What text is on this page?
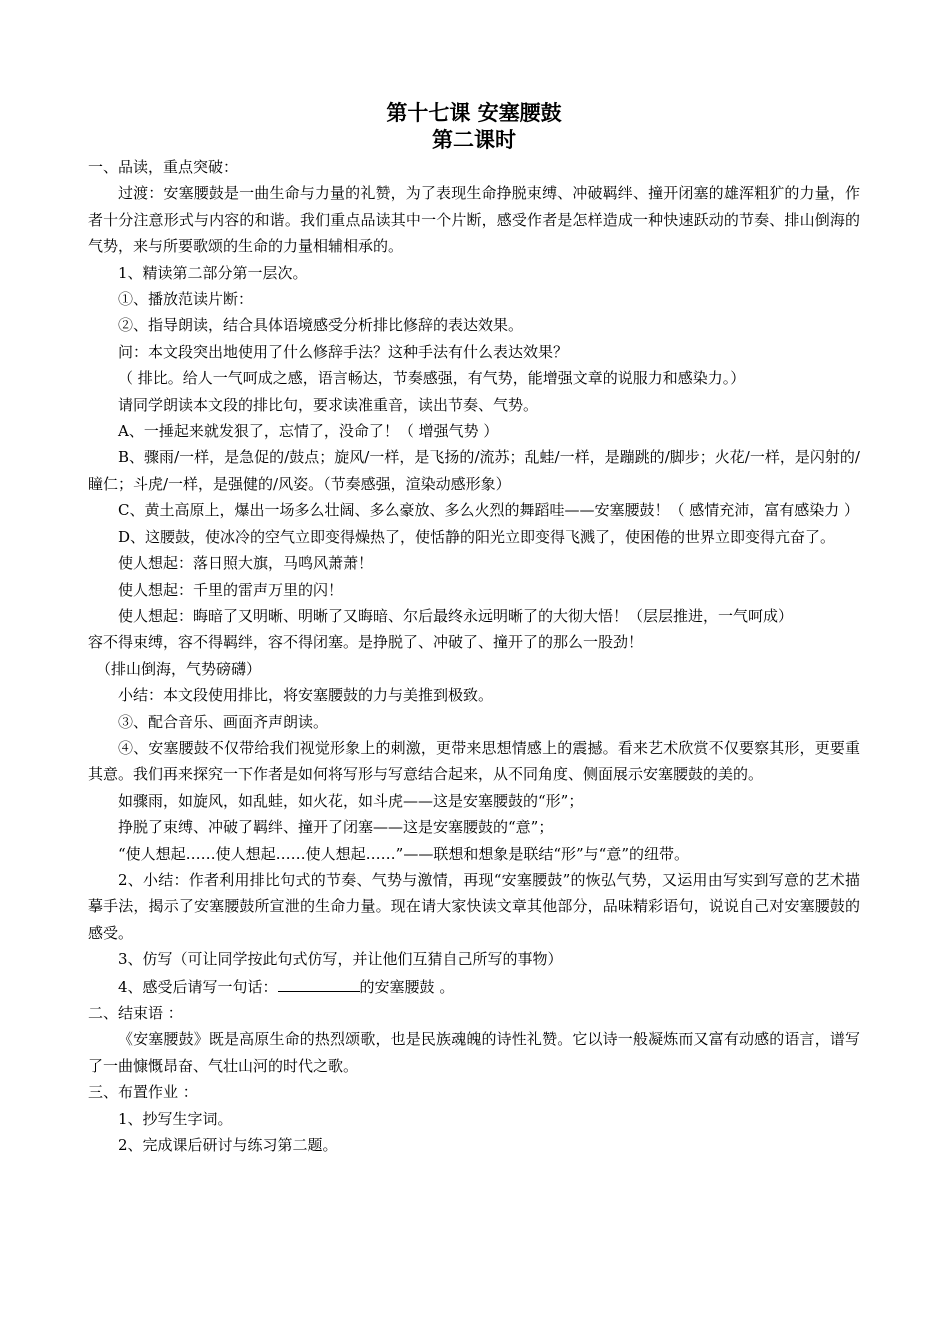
第十七课 安塞腰鼓
第二课时

一、品读，重点突破：

过渡：安塞腰鼓是一曲生命与力量的礼赞，为了表现生命挣脱束缚、冲破羁绊、撞开闭塞的雄浑粗犷的力量，作者十分注意形式与内容的和谐。我们重点品读其中一个片断，感受作者是怎样造成一种快速跃动的节奏、排山倒海的气势，来与所要歌颂的生命的力量相辅相承的。

1、精读第二部分第一层次。

①、播放范读片断：

②、指导朗读，结合具体语境感受分析排比修辞的表达效果。

问：本文段突出地使用了什么修辞手法？这种手法有什么表达效果？

（ 排比。给人一气呵成之感，语言畅达，节奏感强，有气势，能增强文章的说服力和感染力。）

请同学朗读本文段的排比句，要求读准重音，读出节奏、气势。

A、一捶起来就发狠了，忘情了，没命了！（ 增强气势 ）

B、骤雨/一样，是急促的/鼓点；旋风/一样，是飞扬的/流苏；乱蛙/一样，是蹦跳的/脚步；火花/一样，是闪射的/瞳仁；斗虎/一样，是强健的/风姿。（节奏感强，渲染动感形象）

C、黄土高原上，爆出一场多么壮阔、多么豪放、多么火烈的舞蹈哇——安塞腰鼓！（ 感情充沛，富有感染力 ）

D、这腰鼓，使冰冷的空气立即变得燥热了，使恬静的阳光立即变得飞溅了，使困倦的世界立即变得亢奋了。

使人想起：落日照大旗，马鸣风萧萧！

使人想起：千里的雷声万里的闪！

使人想起：晦暗了又明晰、明晰了又晦暗、尔后最终永远明晰了的大彻大悟！（层层推进，一气呵成）

容不得束缚，容不得羁绊，容不得闭塞。是挣脱了、冲破了、撞开了的那么一股劲！

（排山倒海，气势磅礴）

小结：本文段使用排比，将安塞腰鼓的力与美推到极致。

③、配合音乐、画面齐声朗读。

④、安塞腰鼓不仅带给我们视觉形象上的刺激，更带来思想情感上的震撼。看来艺术欣赏不仅要察其形，更要重其意。我们再来探究一下作者是如何将写形与写意结合起来，从不同角度、侧面展示安塞腰鼓的美的。

如骤雨，如旋风，如乱蛙，如火花，如斗虎——这是安塞腰鼓的“形”；

挣脱了束缚、冲破了羁绊、撞开了闭塞——这是安塞腰鼓的“意”；

“使人想起……使人想起……使人想起……”——联想和想象是联结“形”与“意”的纽带。

2、小结：作者利用排比句式的节奏、气势与激情，再现“安塞腰鼓”的恢弘气势，又运用由写实到写意的艺术描摹手法，揭示了安塞腰鼓所宣泄的生命力量。现在请大家快读文章其他部分，品味精彩语句，说说自己对安塞腰鼓的感受。

3、仿写（可让同学按此句式仿写，并让他们互猜自己所写的事物）

4、感受后请写一句话：	的安塞腰鼓 。

二、结束语 ：

《安塞腰鼓》既是高原生命的热烈颂歌，也是民族魂魄的诗性礼赞。它以诗一般凝炼而又富有动感的语言，谱写了一曲慷慨昂奋、气壮山河的时代之歌。

三、布置作业 ：

1、抄写生字词。

2、完成课后研讨与练习第二题。
